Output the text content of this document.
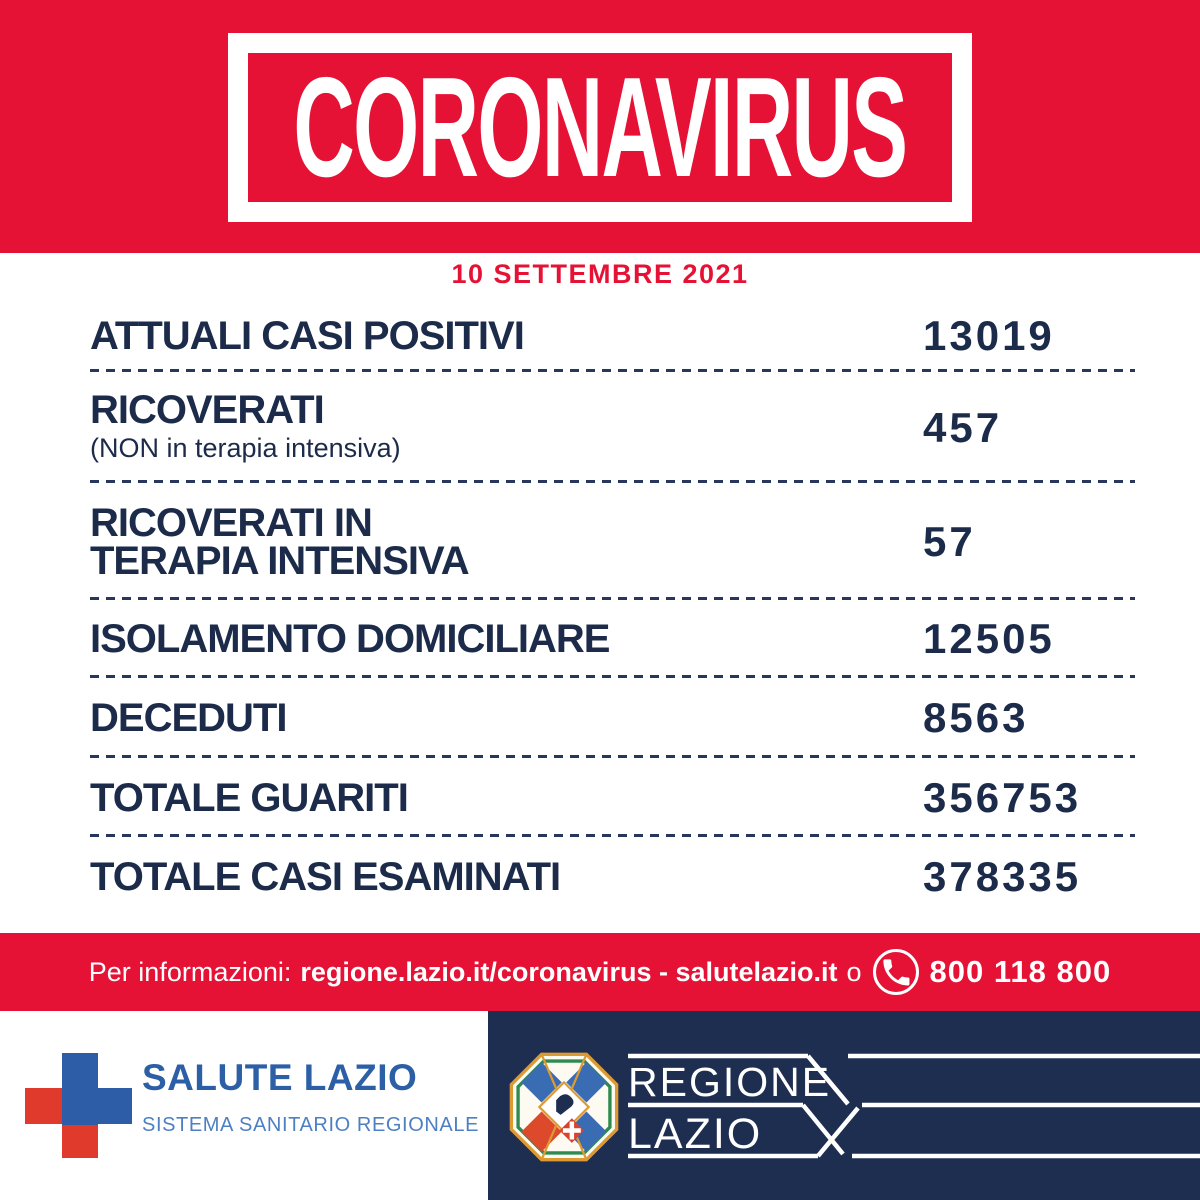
CORONAVIRUS
10 SETTEMBRE 2021
ATTUALI CASI POSITIVI	13019
RICOVERATI
(NON in terapia intensiva)	457
RICOVERATI IN
TERAPIA INTENSIVA	57
ISOLAMENTO DOMICILIARE	12505
DECEDUTI	8563
TOTALE GUARITI	356753
TOTALE CASI ESAMINATI	378335
Per informazioni: regione.lazio.it/coronavirus - salutelazio.it o 800 118 800
SALUTE LAZIO
SISTEMA SANITARIO REGIONALE
REGIONE
LAZIO
